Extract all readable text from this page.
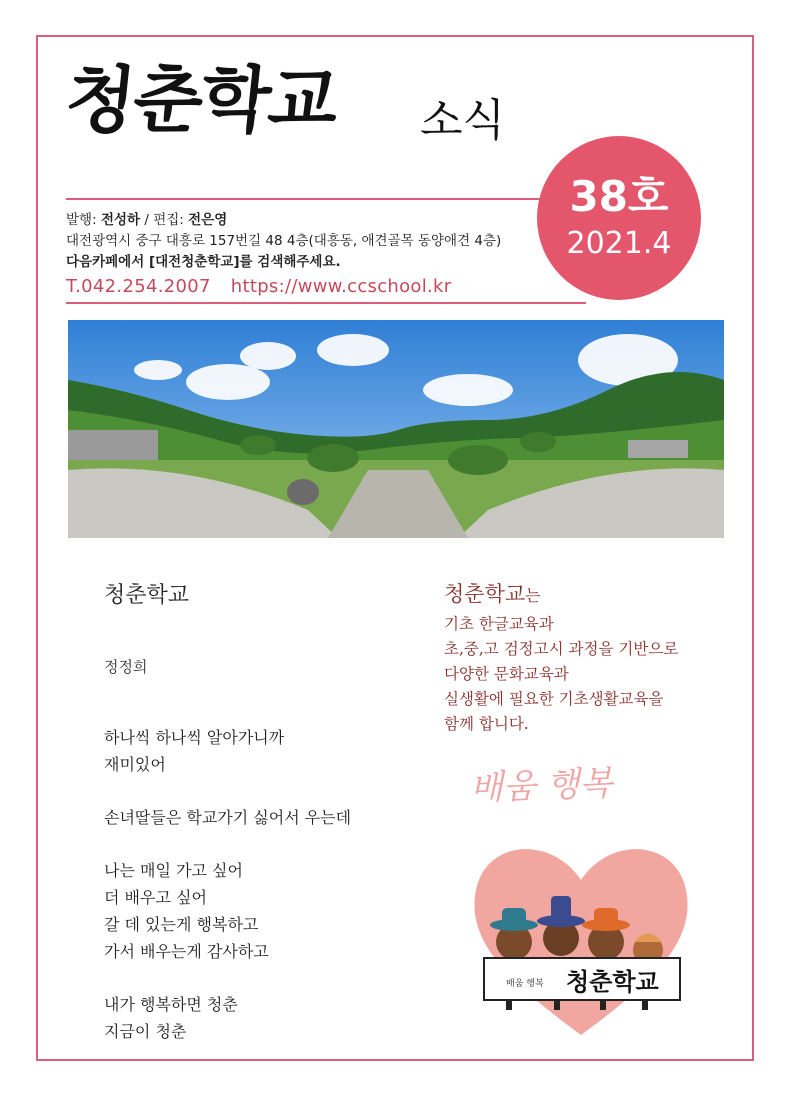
청춘학교 소식
38호
2021.4
발행: 전성하 / 편집: 전은영
대전광역시 중구 대흥로 157번길 48 4층(대흥동, 애견골목 동양애견 4층)
다음카페에서 [대전청춘학교]를 검색해주세요.
T.042.254.2007 https://www.ccschool.kr
청춘학교
정정희
하나씩 하나씩 알아가니까
재미있어
손녀딸들은 학교가기 싫어서 우는데
나는 매일 가고 싶어
더 배우고 싶어
갈 데 있는게 행복하고
가서 배우는게 감사하고
내가 행복하면 청춘
지금이 청춘
청춘학교는
기초 한글교육과
초,중,고 검정고시 과정을 기반으로
다양한 문화교육과
실생활에 필요한 기초생활교육을
함께 합니다.
배움 행복
배움 행복 청춘학교
